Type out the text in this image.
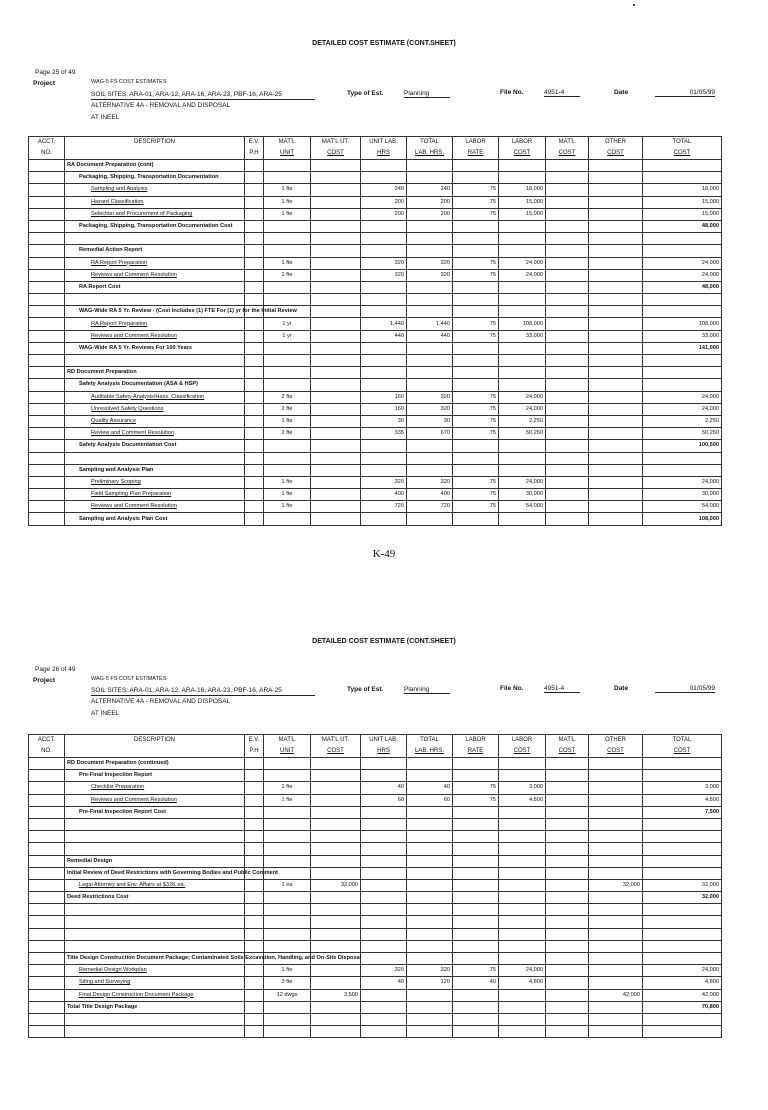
DETAILED COST ESTIMATE (CONT.SHEET)
Page 25 of 49
Project	WAG-5 FS COST ESTIMATES
SOIL SITES: ARA-01, ARA-12, ARA-16, ARA-23, PBF-16, ARA-25
ALTERNATIVE 4A - REMOVAL AND DISPOSAL
AT INEEL
Type of Est.	Planning	File No.	4951-4	Date	01/05/99
ACCT.	DESCRIPTION	E.V.	MAT'L	MAT'L UT.	UNIT LAB.	TOTAL	LABOR	LABOR	MAT'L	OTHER	TOTAL
NO.		P.H	UNIT	COST	HRS	LAB. HRS.	RATE	COST	COST	COST	COST
	RA Document Preparation (cont)										
	Packaging, Shipping, Transportation Documentation										
	Sampling and Analysis		1 fte		240	240	75	18,000			18,000
	Hazard Classification		1 fte		200	200	75	15,000			15,000
	Selection and Procurement of Packaging		1 fte		200	200	75	15,000			15,000
	Packaging, Shipping, Transportation Documentation Cost										48,000

	Remedial Action Report										
	RA Report Preparation		1 fte		320	320	75	24,000			24,000
	Reviews and Comment Resolution		1 fte		320	320	75	24,000			24,000
	RA Report Cost										48,000

	WAG-Wide RA 5 Yr. Review - (Cost Includes (1) FTE For (1) yr for the Initial Review										
	RA Report Preparation		1 yr		1,440	1,440	75	108,000			108,000
	Reviews and Comment Resolution		1 yr		440	440	75	33,000			33,000
	WAG-Wide RA 5 Yr. Reviews For 100 Years										141,000

	RD Document Preparation										
	Safety Analysis Documentation (ASA & HSP)										
	Auditable Safety Analysis/Hazs. Classification		2 fte		160	320	75	24,000			24,000
	Unresolved Safety Questions		2 fte		160	320	75	24,000			24,000
	Quality Assurance		1 fte		30	30	75	2,250			2,250
	Review and Comment Resolution		2 fte		335	670	75	50,250			50,250
	Safety Analysis Documentation Cost										100,500

	Sampling and Analysis Plan										
	Preliminary Scoping		1 fte		320	320	75	24,000			24,000
	Field Sampling Plan Preparation		1 fte		400	400	75	30,000			30,000
	Reviews and Comment Resolution		1 fte		720	720	75	54,000			54,000
	Sampling and Analysis Plan Cost										108,000
K-49
DETAILED COST ESTIMATE (CONT.SHEET)
Page 26 of 49
Project	WAG-5 FS COST ESTIMATES
SOIL SITES: ARA-01, ARA-12, ARA-16, ARA-23, PBF-16, ARA-25
ALTERNATIVE 4A - REMOVAL AND DISPOSAL
AT INEEL
Type of Est.	Planning	File No.	4951-4	Date	01/05/99
ACCT.	DESCRIPTION	E.V.	MAT'L	MAT'L UT.	UNIT LAB.	TOTAL	LABOR	LABOR	MAT'L	OTHER	TOTAL
NO.		P.H	UNIT	COST	HRS	LAB. HRS.	RATE	COST	COST	COST	COST
	RD Document Preparation (continued)										
	Pre-Final Inspection Report										
	Checklist Preparation		1 fte		40	40	75	3,000			3,000
	Reviews and Comment Resolution		1 fte		60	60	75	4,500			4,500
	Pre-Final Inspection Report Cost										7,500

	Remedial Design										
	Initial Review of Deed Restrictions with Governing Bodies and Public Comment										
	Legal Attorney and Env. Affairs at $32K ea.		1 ea	32,000						32,000	32,000
	Deed Restrictions Cost										32,000

	Title Design Construction Document Package; Contaminated Soils Excavation, Handling, and On-Site Disposal										
	Remedial Design Workplan		1 fte		320	320	75	24,000			24,000
	Siting and Surveying		3 fte		40	120	40	4,800			4,800
	Final Design Construction Document Package		12 dwgs	3,500						42,000	42,000
	Total Title Design Package										70,800
